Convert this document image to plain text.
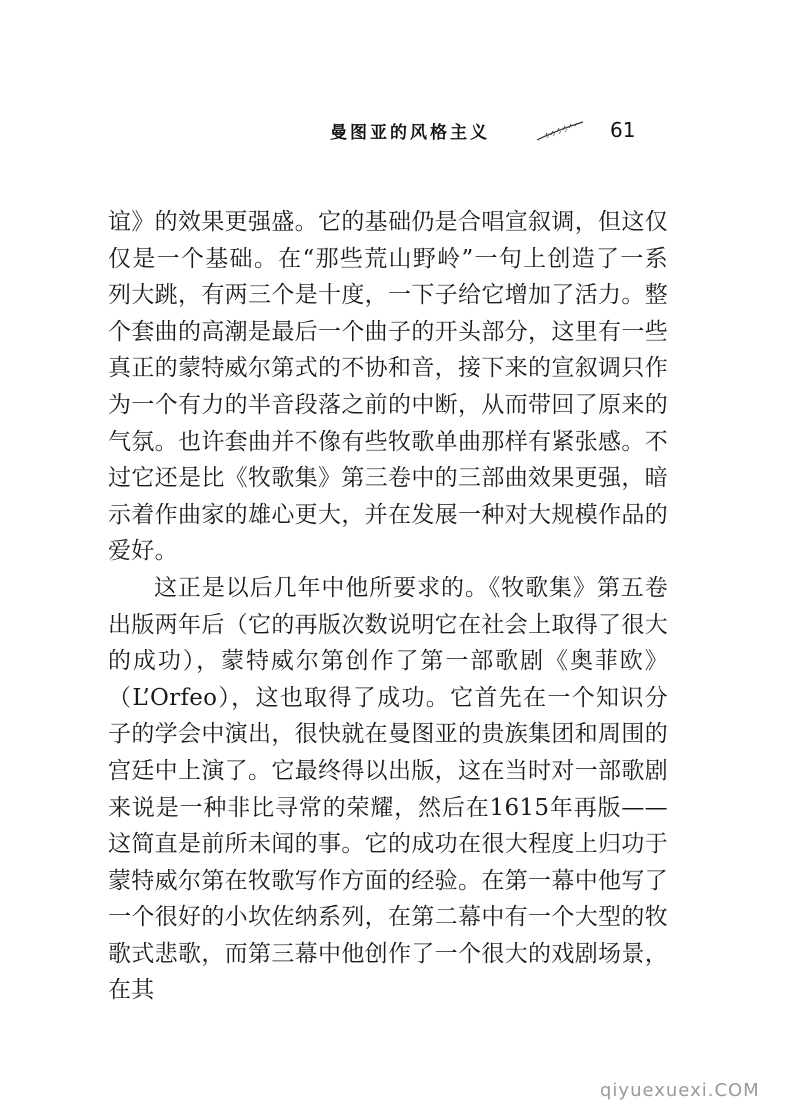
曼图亚的风格主义	61

谊》的效果更强盛。它的基础仍是合唱宣叙调，但这仅仅是一个基础。在“那些荒山野岭”一句上创造了一系列大跳，有两三个是十度，一下子给它增加了活力。整个套曲的高潮是最后一个曲子的开头部分，这里有一些真正的蒙特威尔第式的不协和音，接下来的宣叙调只作为一个有力的半音段落之前的中断，从而带回了原来的气氛。也许套曲并不像有些牧歌单曲那样有紧张感。不过它还是比《牧歌集》第三卷中的三部曲效果更强，暗示着作曲家的雄心更大，并在发展一种对大规模作品的爱好。

这正是以后几年中他所要求的。《牧歌集》第五卷出版两年后（它的再版次数说明它在社会上取得了很大的成功），蒙特威尔第创作了第一部歌剧《奥菲欧》（L’Orfeo），这也取得了成功。它首先在一个知识分子的学会中演出，很快就在曼图亚的贵族集团和周围的宫廷中上演了。它最终得以出版，这在当时对一部歌剧来说是一种非比寻常的荣耀，然后在1615年再版——这简直是前所未闻的事。它的成功在很大程度上归功于蒙特威尔第在牧歌写作方面的经验。在第一幕中他写了一个很好的小坎佐纳系列，在第二幕中有一个大型的牧歌式悲歌，而第三幕中他创作了一个很大的戏剧场景，在其

qiyuexuexi.COM
